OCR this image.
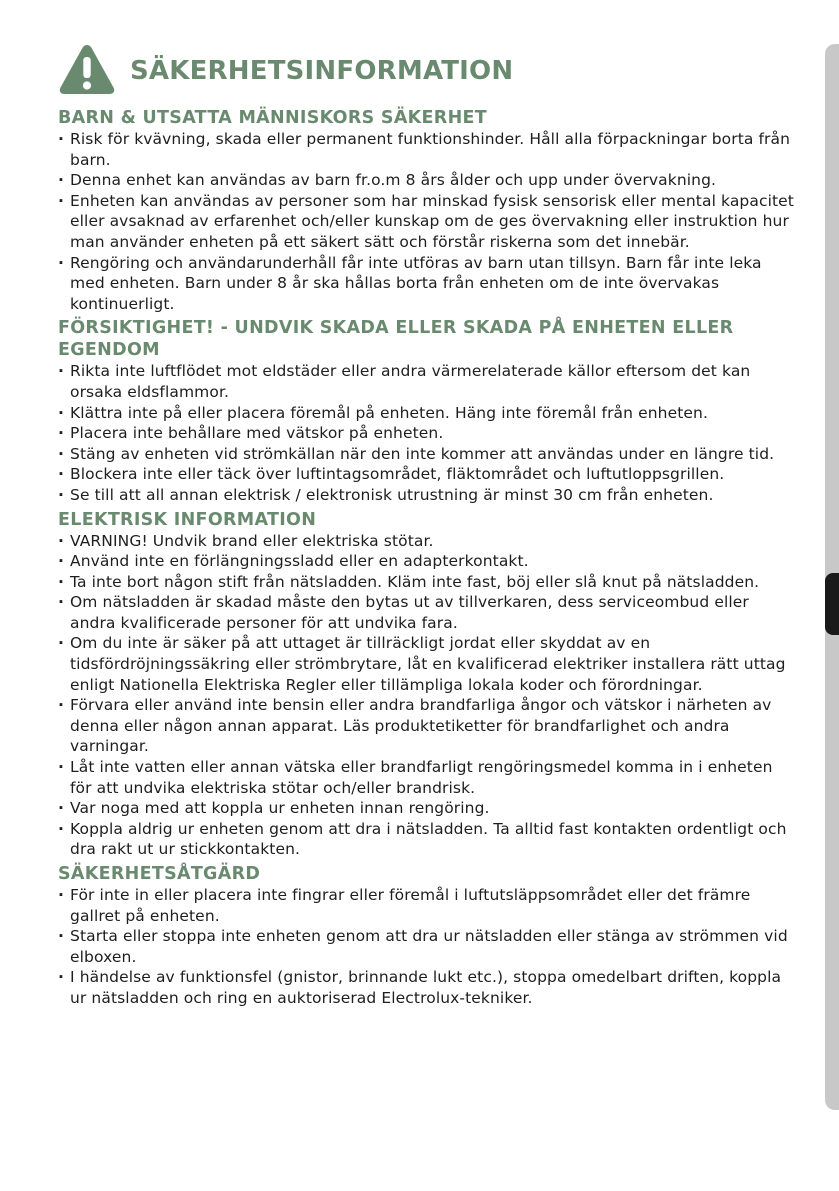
SÄKERHETSINFORMATION
BARN & UTSATTA MÄNNISKORS SÄKERHET
· Risk för kvävning, skada eller permanent funktionshinder. Håll alla förpackningar borta från barn.
· Denna enhet kan användas av barn fr.o.m 8 års ålder och upp under övervakning.
· Enheten kan användas av personer som har minskad fysisk sensorisk eller mental kapacitet eller avsaknad av erfarenhet och/eller kunskap om de ges övervakning eller instruktion hur man använder enheten på ett säkert sätt och förstår riskerna som det innebär.
· Rengöring och användarunderhåll får inte utföras av barn utan tillsyn. Barn får inte leka med enheten. Barn under 8 år ska hållas borta från enheten om de inte övervakas kontinuerligt.
FÖRSIKTIGHET! - UNDVIK SKADA ELLER SKADA PÅ ENHETEN ELLER EGENDOM
· Rikta inte luftflödet mot eldstäder eller andra värmerelaterade källor eftersom det kan orsaka eldsflammor.
· Klättra inte på eller placera föremål på enheten. Häng inte föremål från enheten.
· Placera inte behållare med vätskor på enheten.
· Stäng av enheten vid strömkällan när den inte kommer att användas under en längre tid.
· Blockera inte eller täck över luftintagsområdet, fläktområdet och luftutloppsgrillen.
· Se till att all annan elektrisk / elektronisk utrustning är minst 30 cm från enheten.
ELEKTRISK INFORMATION
· VARNING! Undvik brand eller elektriska stötar.
· Använd inte en förlängningssladd eller en adapterkontakt.
· Ta inte bort någon stift från nätsladden. Kläm inte fast, böj eller slå knut på nätsladden.
· Om nätsladden är skadad måste den bytas ut av tillverkaren, dess serviceombud eller andra kvalificerade personer för att undvika fara.
· Om du inte är säker på att uttaget är tillräckligt jordat eller skyddat av en tidsfördröjningssäkring eller strömbrytare, låt en kvalificerad elektriker installera rätt uttag enligt Nationella Elektriska Regler eller tillämpliga lokala koder och förordningar.
· Förvara eller använd inte bensin eller andra brandfarliga ångor och vätskor i närheten av denna eller någon annan apparat. Läs produktetiketter för brandfarlighet och andra varningar.
· Låt inte vatten eller annan vätska eller brandfarligt rengöringsmedel komma in i enheten för att undvika elektriska stötar och/eller brandrisk.
· Var noga med att koppla ur enheten innan rengöring.
· Koppla aldrig ur enheten genom att dra i nätsladden. Ta alltid fast kontakten ordentligt och dra rakt ut ur stickkontakten.
SÄKERHETSÅTGÄRD
· För inte in eller placera inte fingrar eller föremål i luftutsläppsområdet eller det främre gallret på enheten.
· Starta eller stoppa inte enheten genom att dra ur nätsladden eller stänga av strömmen vid elboxen.
· I händelse av funktionsfel (gnistor, brinnande lukt etc.), stoppa omedelbart driften, koppla ur nätsladden och ring en auktoriserad Electrolux-tekniker.
